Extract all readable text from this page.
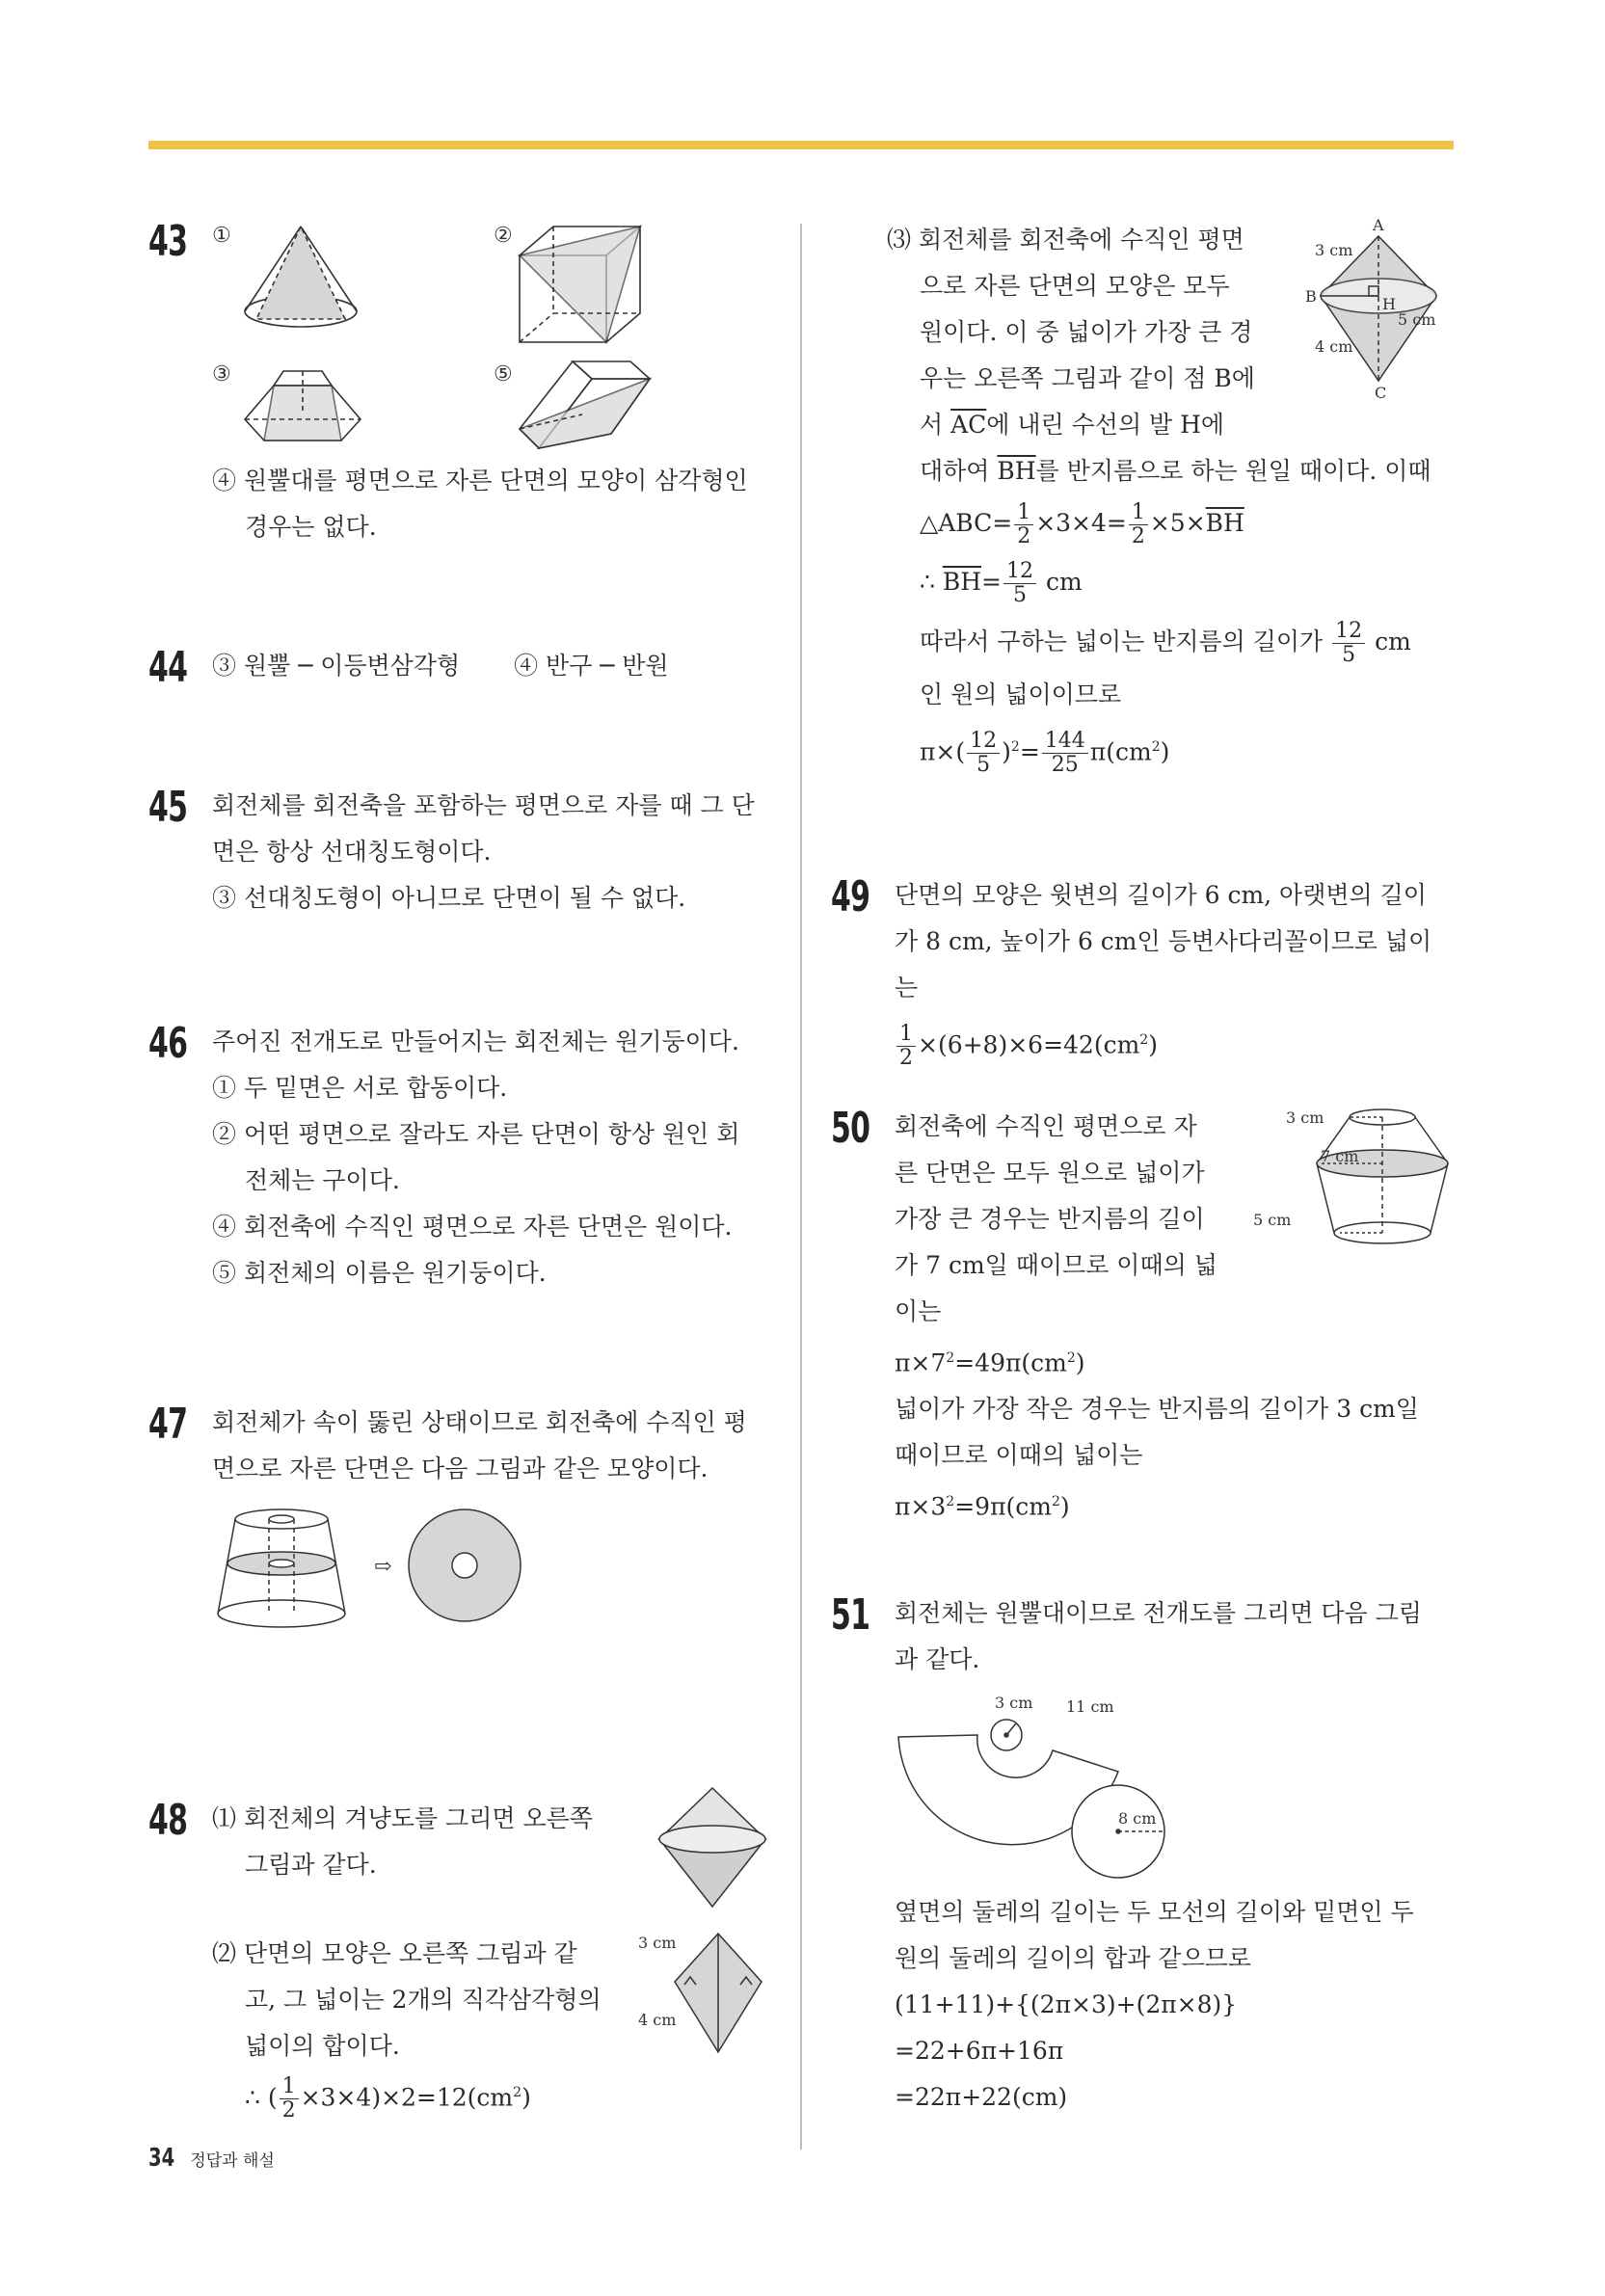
43 ①	②
③	⑤
④ 원뿔대를 평면으로 자른 단면의 모양이 삼각형인
경우는 없다.
44 ③ 원뿔 ─ 이등변삼각형 ④ 반구 ─ 반원
45 회전체를 회전축을 포함하는 평면으로 자를 때 그 단
면은 항상 선대칭도형이다.
③ 선대칭도형이 아니므로 단면이 될 수 없다.
46 주어진 전개도로 만들어지는 회전체는 원기둥이다.
① 두 밑면은 서로 합동이다.
② 어떤 평면으로 잘라도 자른 단면이 항상 원인 회
전체는 구이다.
④ 회전축에 수직인 평면으로 자른 단면은 원이다.
⑤ 회전체의 이름은 원기둥이다.
47 회전체가 속이 뚫린 상태이므로 회전축에 수직인 평
면으로 자른 단면은 다음 그림과 같은 모양이다.
⇨
48 ⑴ 회전체의 겨냥도를 그리면 오른쪽
그림과 같다.
⑵ 단면의 모양은 오른쪽 그림과 같
고, 그 넓이는 2개의 직각삼각형의
넓이의 합이다.
∴ ( $\frac{1}{2} \times 3\times 4)\times 2=12(cm^2)$
3 cm
4 cm
⑶ 회전체를 회전축에 수직인 평면
으로 자른 단면의 모양은 모두
원이다. 이 중 넓이가 가장 큰 경
우는 오른쪽 그림과 같이 점 B에
서 $\overline{AC}$에 내린 수선의 발 H에
대하여 $\overline{BH}$를 반지름으로 하는 원일 때이다. 이때
△ABC= $\frac{1}{2} \times 3\times 4= \frac{1}{2} \times 5\times\overline{BH}$
∴ $\overline{BH}= \frac{12}{5}$ cm
따라서 구하는 넓이는 반지름의 길이가 $\frac{12}{5}$ cm
인 원의 넓이이므로
$\pi\times( \frac{12}{5} )^2= \frac{144}{25} \pi(cm^2)$
A
B
C
H
3 cm
4 cm
5 cm
49 단면의 모양은 윗변의 길이가 6 cm, 아랫변의 길이
가 8 cm, 높이가 6 cm인 등변사다리꼴이므로 넓이
는
$\frac{1}{2} \times(6+8)\times 6=42(cm^2)$
50 회전축에 수직인 평면으로 자
른 단면은 모두 원으로 넓이가
가장 큰 경우는 반지름의 길이
가 7 cm일 때이므로 이때의 넓
이는
$\pi\times 7^2=49\pi(cm^2)$
넓이가 가장 작은 경우는 반지름의 길이가 3 cm일
때이므로 이때의 넓이는
$\pi\times 3^2=9\pi(cm^2)$
3 cm
7 cm
5 cm
51 회전체는 원뿔대이므로 전개도를 그리면 다음 그림
과 같다.
3 cm 11 cm
8 cm
옆면의 둘레의 길이는 두 모선의 길이와 밑면인 두
원의 둘레의 길이의 합과 같으므로
(11+11)+{(2π×3)+(2π×8)}
=22+6π+16π
=22π+22(cm)
34 정답과 해설
